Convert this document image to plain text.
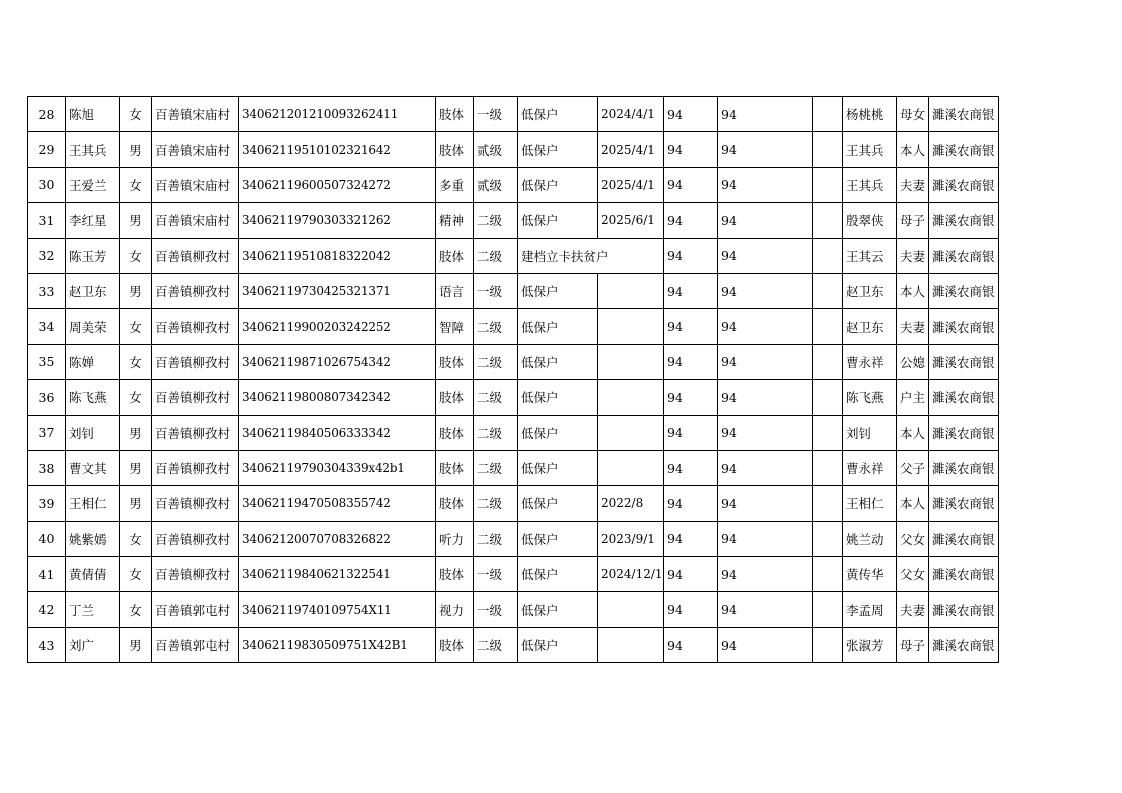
28	陈旭	女	百善镇宋庙村	340621201210093262411	肢体	一级	低保户	2024/4/1	94	94		杨桃桃	母女	濉溪农商银
29	王其兵	男	百善镇宋庙村	34062119510102321642	肢体	贰级	低保户	2025/4/1	94	94		王其兵	本人	濉溪农商银
30	王爱兰	女	百善镇宋庙村	34062119600507324272	多重	贰级	低保户	2025/4/1	94	94		王其兵	夫妻	濉溪农商银
31	李红星	男	百善镇宋庙村	34062119790303321262	精神	二级	低保户	2025/6/1	94	94		殷翠侠	母子	濉溪农商银
32	陈玉芳	女	百善镇柳孜村	34062119510818322042	肢体	二级	建档立卡扶贫户		94	94		王其云	夫妻	濉溪农商银
33	赵卫东	男	百善镇柳孜村	34062119730425321371	语言	一级	低保户		94	94		赵卫东	本人	濉溪农商银
34	周美荣	女	百善镇柳孜村	34062119900203242252	智障	二级	低保户		94	94		赵卫东	夫妻	濉溪农商银
35	陈婵	女	百善镇柳孜村	34062119871026754342	肢体	二级	低保户		94	94		曹永祥	公媳	濉溪农商银
36	陈飞燕	女	百善镇柳孜村	34062119800807342342	肢体	二级	低保户		94	94		陈飞燕	户主	濉溪农商银
37	刘钊	男	百善镇柳孜村	34062119840506333342	肢体	二级	低保户		94	94		刘钊	本人	濉溪农商银
38	曹文其	男	百善镇柳孜村	34062119790304339x42b1	肢体	二级	低保户		94	94		曹永祥	父子	濉溪农商银
39	王相仁	男	百善镇柳孜村	34062119470508355742	肢体	二级	低保户	2022/8	94	94		王相仁	本人	濉溪农商银
40	姚紫嫣	女	百善镇柳孜村	34062120070708326822	听力	二级	低保户	2023/9/1	94	94		姚兰动	父女	濉溪农商银
41	黄倩倩	女	百善镇柳孜村	34062119840621322541	肢体	一级	低保户	2024/12/1	94	94		黄传华	父女	濉溪农商银
42	丁兰	女	百善镇郭屯村	34062119740109754X11	视力	一级	低保户		94	94		李孟周	夫妻	濉溪农商银
43	刘广	男	百善镇郭屯村	34062119830509751X42B1	肢体	二级	低保户		94	94		张淑芳	母子	濉溪农商银
